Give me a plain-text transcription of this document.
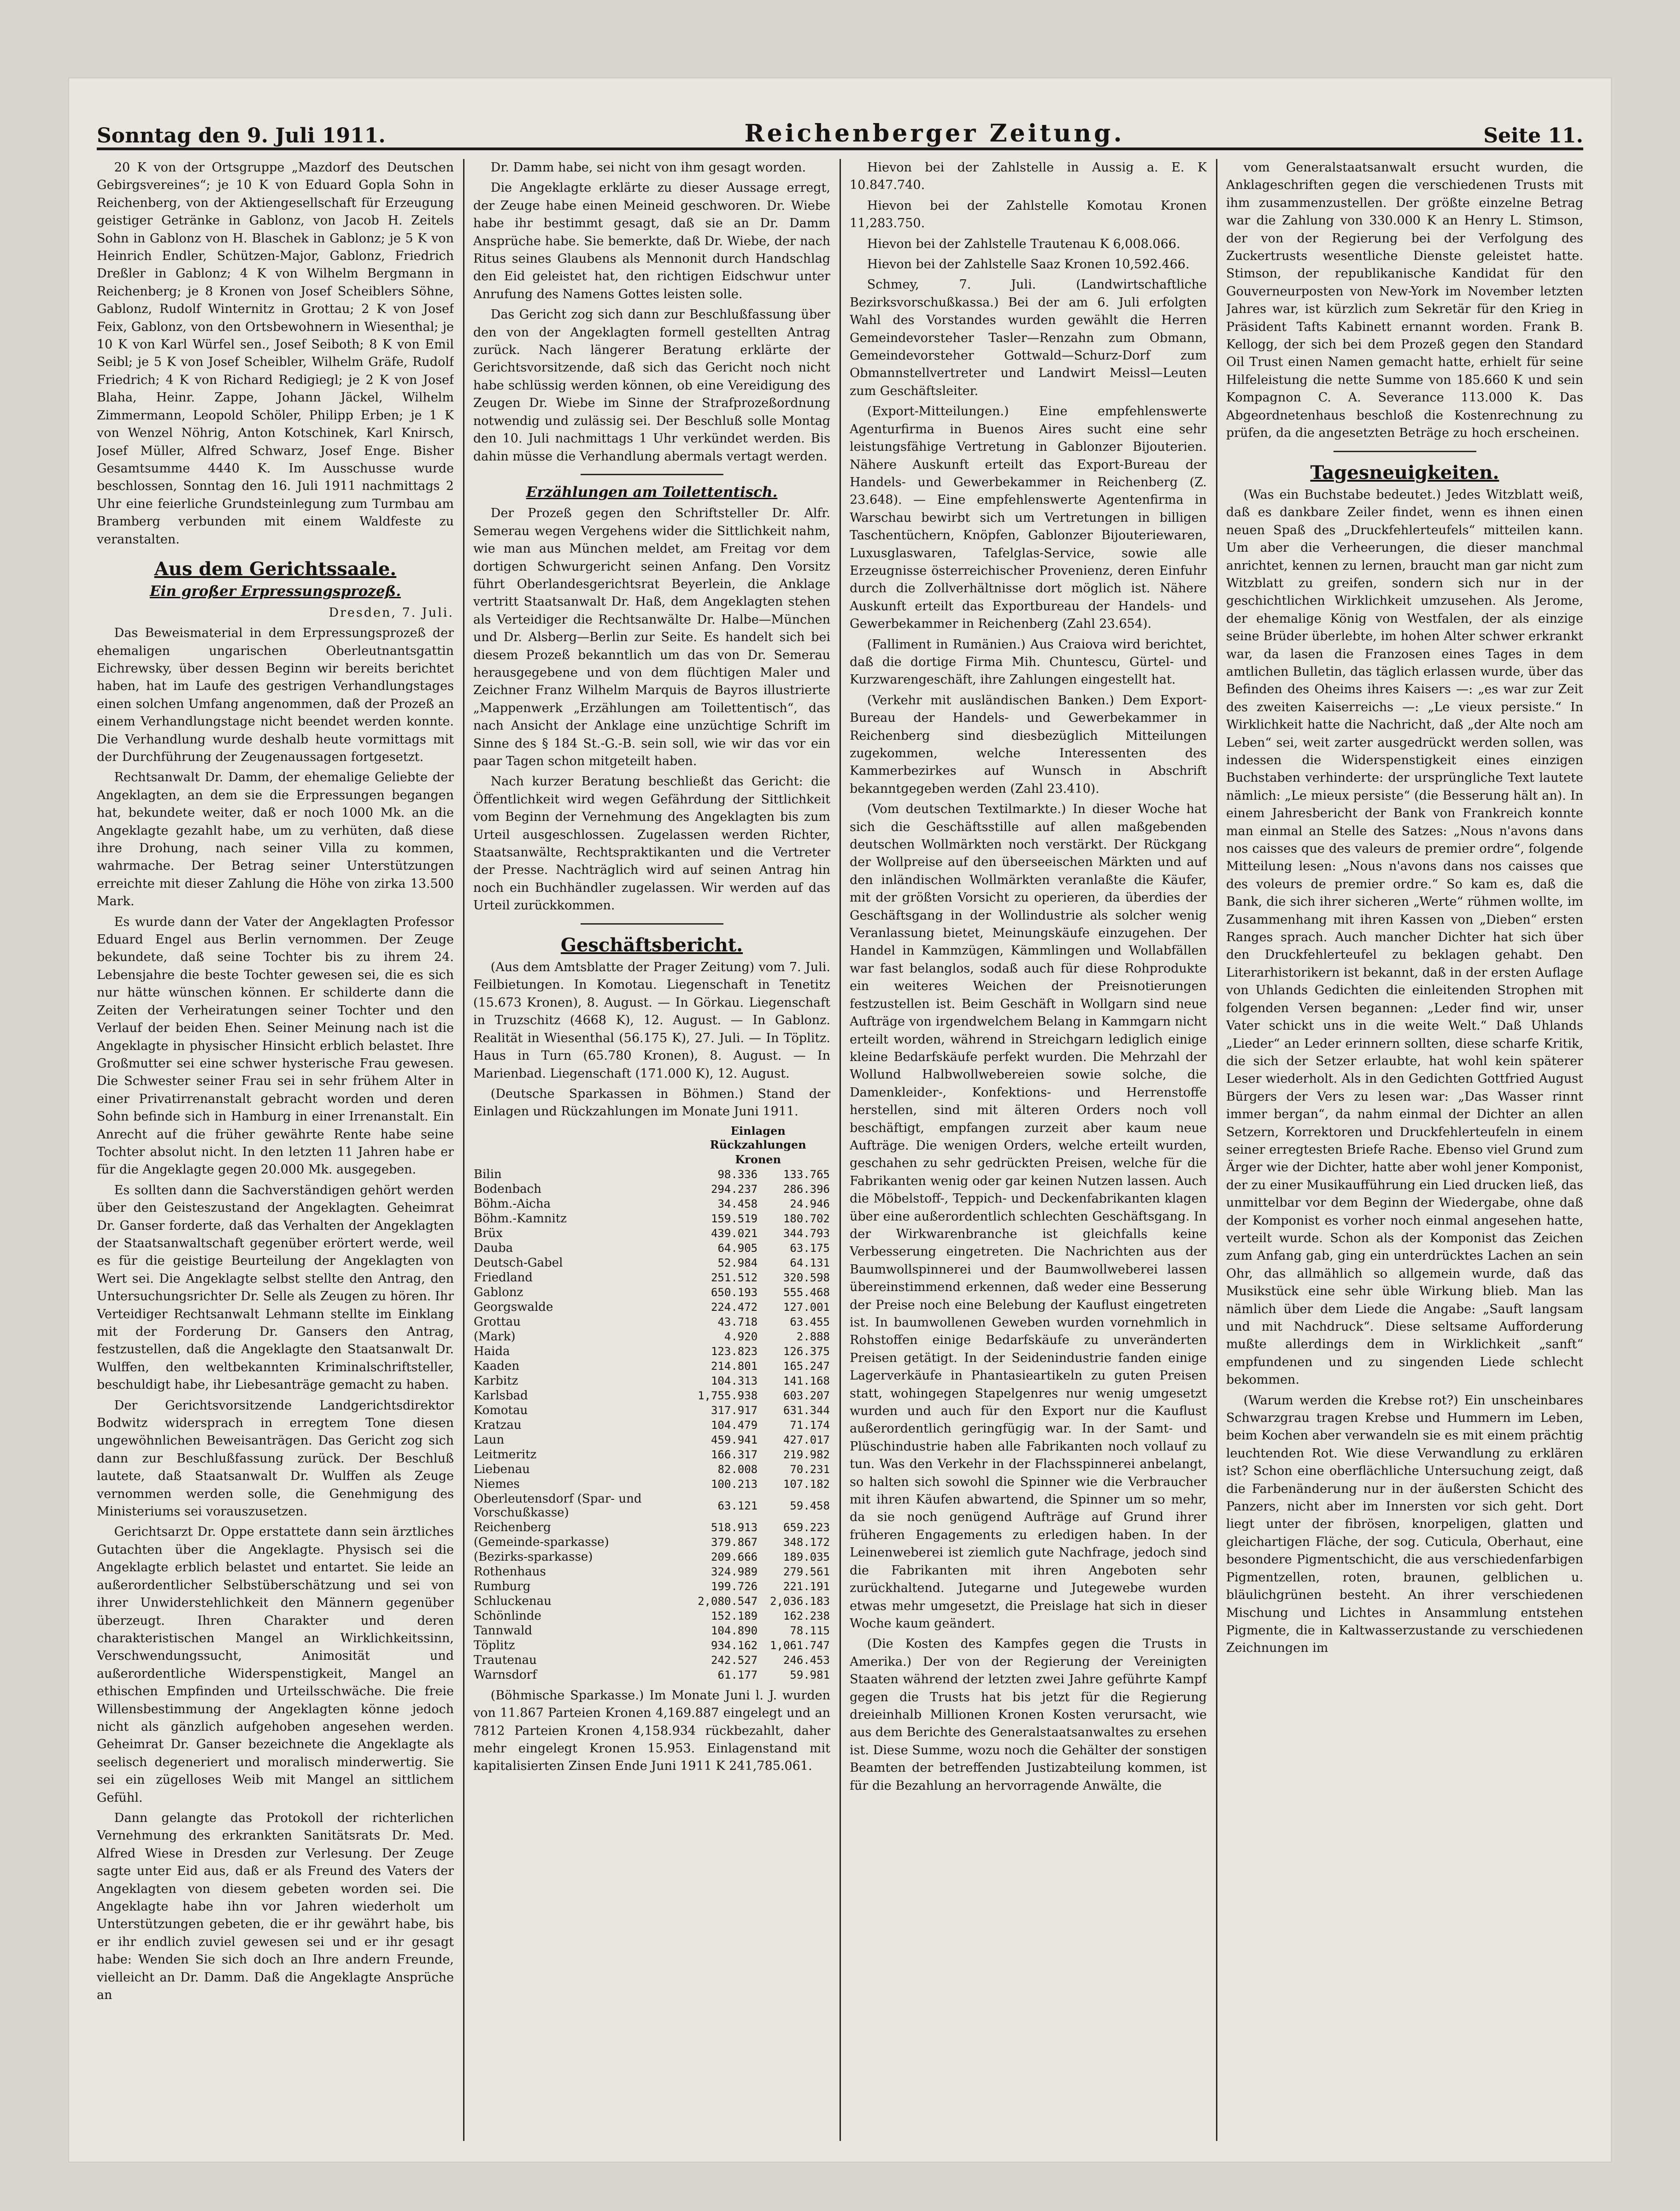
Sonntag den 9. Juli 1911.	Reichenberger Zeitung.	Seite 11.

20 K von der Ortsgruppe „Mazdorf des Deutschen Gebirgsvereines“; je 10 K von Eduard Gopla Sohn in Reichenberg, von der Aktiengesellschaft für Erzeugung geistiger Getränke in Gablonz, von Jacob H. Zeitels Sohn in Gablonz von H. Blaschek in Gablonz; je 5 K von Heinrich Endler, Schützen-Major, Gablonz, Friedrich Dreßler in Gablonz; 4 K von Wilhelm Bergmann in Reichenberg; je 8 Kronen von Josef Scheiblers Söhne, Gablonz, Rudolf Winternitz in Grottau; 2 K von Josef Feix, Gablonz, von den Ortsbewohnern in Wiesenthal; je 10 K von Karl Würfel sen., Josef Seiboth; 8 K von Emil Seibl; je 5 K von Josef Scheibler, Wilhelm Gräfe, Rudolf Friedrich; 4 K von Richard Redigiegl; je 2 K von Josef Blaha, Heinr. Zappe, Johann Jäckel, Wilhelm Zimmermann, Leopold Schöler, Philipp Erben; je 1 K von Wenzel Nöhrig, Anton Kotschinek, Karl Knirsch, Josef Müller, Alfred Schwarz, Josef Enge. Bisher Gesamtsumme 4440 K. Im Ausschusse wurde beschlossen, Sonntag den 16. Juli 1911 nachmittags 2 Uhr eine feierliche Grundsteinlegung zum Turmbau am Bramberg verbunden mit einem Waldfeste zu veranstalten.

Aus dem Gerichtssaale.
Ein großer Erpressungsprozeß.

Dresden, 7. Juli.

Das Beweismaterial in dem Erpressungsprozeß der ehemaligen ungarischen Oberleutnantsgattin Eichrewsky, über dessen Beginn wir bereits berichtet haben, hat im Laufe des gestrigen Verhandlungstages einen solchen Umfang angenommen, daß der Prozeß an einem Verhandlungstage nicht beendet werden konnte. Die Verhandlung wurde deshalb heute vormittags mit der Durchführung der Zeugenaussagen fortgesetzt.

Rechtsanwalt Dr. Damm, der ehemalige Geliebte der Angeklagten, an dem sie die Erpressungen begangen hat, bekundete weiter, daß er noch 1000 Mk. an die Angeklagte gezahlt habe, um zu verhüten, daß diese ihre Drohung, nach seiner Villa zu kommen, wahrmache. Der Betrag seiner Unterstützungen erreichte mit dieser Zahlung die Höhe von zirka 13.500 Mark.

Es wurde dann der Vater der Angeklagten Professor Eduard Engel aus Berlin vernommen. Der Zeuge bekundete, daß seine Tochter bis zu ihrem 24. Lebensjahre die beste Tochter gewesen sei, die es sich nur hätte wünschen können. Er schilderte dann die Zeiten der Verheiratungen seiner Tochter und den Verlauf der beiden Ehen. Seiner Meinung nach ist die Angeklagte in physischer Hinsicht erblich belastet. Ihre Großmutter sei eine schwer hysterische Frau gewesen. Die Schwester seiner Frau sei in sehr frühem Alter in einer Privatirrenanstalt gebracht worden und deren Sohn befinde sich in Hamburg in einer Irrenanstalt. Ein Anrecht auf die früher gewährte Rente habe seine Tochter absolut nicht. In den letzten 11 Jahren habe er für die Angeklagte gegen 20.000 Mk. ausgegeben.

Es sollten dann die Sachverständigen gehört werden über den Geisteszustand der Angeklagten. Geheimrat Dr. Ganser forderte, daß das Verhalten der Angeklagten der Staatsanwaltschaft gegenüber erörtert werde, weil es für die geistige Beurteilung der Angeklagten von Wert sei. Die Angeklagte selbst stellte den Antrag, den Untersuchungsrichter Dr. Selle als Zeugen zu hören. Ihr Verteidiger Rechtsanwalt Lehmann stellte im Einklang mit der Forderung Dr. Gansers den Antrag, festzustellen, daß die Angeklagte den Staatsanwalt Dr. Wulffen, den weltbekannten Kriminalschriftsteller, beschuldigt habe, ihr Liebesanträge gemacht zu haben.

Der Gerichtsvorsitzende Landgerichtsdirektor Bodwitz widersprach in erregtem Tone diesen ungewöhnlichen Beweisanträgen. Das Gericht zog sich dann zur Beschlußfassung zurück. Der Beschluß lautete, daß Staatsanwalt Dr. Wulffen als Zeuge vernommen werden solle, die Genehmigung des Ministeriums sei vorauszusetzen.

Gerichtsarzt Dr. Oppe erstattete dann sein ärztliches Gutachten über die Angeklagte. Physisch sei die Angeklagte erblich belastet und entartet. Sie leide an außerordentlicher Selbstüberschätzung und sei von ihrer Unwiderstehlichkeit den Männern gegenüber überzeugt. Ihren Charakter und deren charakteristischen Mangel an Wirklichkeitssinn, Verschwendungssucht, Animosität und außerordentliche Widerspenstigkeit, Mangel an ethischen Empfinden und Urteilsschwäche. Die freie Willensbestimmung der Angeklagten könne jedoch nicht als gänzlich aufgehoben angesehen werden. Geheimrat Dr. Ganser bezeichnete die Angeklagte als seelisch degeneriert und moralisch minderwertig. Sie sei ein zügelloses Weib mit Mangel an sittlichem Gefühl.

Dann gelangte das Protokoll der richterlichen Vernehmung des erkrankten Sanitätsrats Dr. Med. Alfred Wiese in Dresden zur Verlesung. Der Zeuge sagte unter Eid aus, daß er als Freund des Vaters der Angeklagten von diesem gebeten worden sei. Die Angeklagte habe ihn vor Jahren wiederholt um Unterstützungen gebeten, die er ihr gewährt habe, bis er ihr endlich zuviel gewesen sei und er ihr gesagt habe: Wenden Sie sich doch an Ihre andern Freunde, vielleicht an Dr. Damm. Daß die Angeklagte Ansprüche an

Dr. Damm habe, sei nicht von ihm gesagt worden.

Die Angeklagte erklärte zu dieser Aussage erregt, der Zeuge habe einen Meineid geschworen. Dr. Wiebe habe ihr bestimmt gesagt, daß sie an Dr. Damm Ansprüche habe. Sie bemerkte, daß Dr. Wiebe, der nach Ritus seines Glaubens als Mennonit durch Handschlag den Eid geleistet hat, den richtigen Eidschwur unter Anrufung des Namens Gottes leisten solle.

Das Gericht zog sich dann zur Beschlußfassung über den von der Angeklagten formell gestellten Antrag zurück. Nach längerer Beratung erklärte der Gerichtsvorsitzende, daß sich das Gericht noch nicht habe schlüssig werden können, ob eine Vereidigung des Zeugen Dr. Wiebe im Sinne der Strafprozeßordnung notwendig und zulässig sei. Der Beschluß solle Montag den 10. Juli nachmittags 1 Uhr verkündet werden. Bis dahin müsse die Verhandlung abermals vertagt werden.

Erzählungen am Toilettentisch.

Der Prozeß gegen den Schriftsteller Dr. Alfr. Semerau wegen Vergehens wider die Sittlichkeit nahm, wie man aus München meldet, am Freitag vor dem dortigen Schwurgericht seinen Anfang. Den Vorsitz führt Oberlandesgerichtsrat Beyerlein, die Anklage vertritt Staatsanwalt Dr. Haß, dem Angeklagten stehen als Verteidiger die Rechtsanwälte Dr. Halbe—München und Dr. Alsberg—Berlin zur Seite. Es handelt sich bei diesem Prozeß bekanntlich um das von Dr. Semerau herausgegebene und von dem flüchtigen Maler und Zeichner Franz Wilhelm Marquis de Bayros illustrierte „Mappenwerk „Erzählungen am Toilettentisch“, das nach Ansicht der Anklage eine unzüchtige Schrift im Sinne des § 184 St.-G.-B. sein soll, wie wir das vor ein paar Tagen schon mitgeteilt haben.

Nach kurzer Beratung beschließt das Gericht: die Öffentlichkeit wird wegen Gefährdung der Sittlichkeit vom Beginn der Vernehmung des Angeklagten bis zum Urteil ausgeschlossen. Zugelassen werden Richter, Staatsanwälte, Rechtspraktikanten und die Vertreter der Presse. Nachträglich wird auf seinen Antrag hin noch ein Buchhändler zugelassen. Wir werden auf das Urteil zurückkommen.

Geschäftsbericht.

(Aus dem Amtsblatte der Prager Zeitung) vom 7. Juli. Feilbietungen. In Komotau. Liegenschaft in Tenetitz (15.673 Kronen), 8. August. — In Görkau. Liegenschaft in Truzschitz (4668 K), 12. August. — In Gablonz. Realität in Wiesenthal (56.175 K), 27. Juli. — In Töplitz. Haus in Turn (65.780 Kronen), 8. August. — In Marienbad. Liegenschaft (171.000 K), 12. August.

(Deutsche Sparkassen in Böhmen.) Stand der Einlagen und Rückzahlungen im Monate Juni 1911.

	Einlagen Rückzahlungen	
	Kronen	
Bilin	98.336	133.765
Bodenbach	294.237	286.396
Böhm.-Aicha	34.458	24.946
Böhm.-Kamnitz	159.519	180.702
Brüx	439.021	344.793
Dauba	64.905	63.175
Deutsch-Gabel	52.984	64.131
Friedland	251.512	320.598
Gablonz	650.193	555.468
Georgswalde	224.472	127.001
Grottau	43.718	63.455
(Mark)	4.920	2.888
Haida	123.823	126.375
Kaaden	214.801	165.247
Karbitz	104.313	141.168
Karlsbad	1,755.938	603.207
Komotau	317.917	631.344
Kratzau	104.479	71.174
Laun	459.941	427.017
Leitmeritz	166.317	219.982
Liebenau	82.008	70.231
Niemes	100.213	107.182
Oberleutensdorf (Spar- und Vorschußkasse)	63.121	59.458
Reichenberg	518.913	659.223
(Gemeinde-sparkasse)	379.867	348.172
(Bezirks-sparkasse)	209.666	189.035
Rothenhaus	324.989	279.561
Rumburg	199.726	221.191
Schluckenau	2,080.547	2,036.183
Schönlinde	152.189	162.238
Tannwald	104.890	78.115
Töplitz	934.162	1,061.747
Trautenau	242.527	246.453
Warnsdorf	61.177	59.981

(Böhmische Sparkasse.) Im Monate Juni l. J. wurden von 11.867 Parteien Kronen 4,169.887 eingelegt und an 7812 Parteien Kronen 4,158.934 rückbezahlt, daher mehr eingelegt Kronen 15.953. Einlagenstand mit kapitalisierten Zinsen Ende Juni 1911 K 241,785.061.

Hievon bei der Zahlstelle in Aussig a. E. K 10.847.740.

Hievon bei der Zahlstelle Komotau Kronen 11,283.750.

Hievon bei der Zahlstelle Trautenau K 6,008.066.

Hievon bei der Zahlstelle Saaz Kronen 10,592.466.

Schmey, 7. Juli. (Landwirtschaftliche Bezirksvorschußkassa.) Bei der am 6. Juli erfolgten Wahl des Vorstandes wurden gewählt die Herren Gemeindevorsteher Tasler—Renzahn zum Obmann, Gemeindevorsteher Gottwald—Schurz-Dorf zum Obmannstellvertreter und Landwirt Meissl—Leuten zum Geschäftsleiter.

(Export-Mitteilungen.) Eine empfehlenswerte Agenturfirma in Buenos Aires sucht eine sehr leistungsfähige Vertretung in Gablonzer Bijouterien. Nähere Auskunft erteilt das Export-Bureau der Handels- und Gewerbekammer in Reichenberg (Z. 23.648). — Eine empfehlenswerte Agentenfirma in Warschau bewirbt sich um Vertretungen in billigen Taschentüchern, Knöpfen, Gablonzer Bijouteriewaren, Luxusglaswaren, Tafelglas-Service, sowie alle Erzeugnisse österreichischer Provenienz, deren Einfuhr durch die Zollverhältnisse dort möglich ist. Nähere Auskunft erteilt das Exportbureau der Handels- und Gewerbekammer in Reichenberg (Zahl 23.654).

(Falliment in Rumänien.) Aus Craiova wird berichtet, daß die dortige Firma Mih. Chuntescu, Gürtel- und Kurzwarengeschäft, ihre Zahlungen eingestellt hat.

(Verkehr mit ausländischen Banken.) Dem Export-Bureau der Handels- und Gewerbekammer in Reichenberg sind diesbezüglich Mitteilungen zugekommen, welche Interessenten des Kammerbezirkes auf Wunsch in Abschrift bekanntgegeben werden (Zahl 23.410).

(Vom deutschen Textilmarkte.) In dieser Woche hat sich die Geschäftsstille auf allen maßgebenden deutschen Wollmärkten noch verstärkt. Der Rückgang der Wollpreise auf den überseeischen Märkten und auf den inländischen Wollmärkten veranlaßte die Käufer, mit der größten Vorsicht zu operieren, da überdies der Geschäftsgang in der Wollindustrie als solcher wenig Veranlassung bietet, Meinungskäufe einzugehen. Der Handel in Kammzügen, Kämmlingen und Wollabfällen war fast belanglos, sodaß auch für diese Rohprodukte ein weiteres Weichen der Preisnotierungen festzustellen ist. Beim Geschäft in Wollgarn sind neue Aufträge von irgendwelchem Belang in Kammgarn nicht erteilt worden, während in Streichgarn lediglich einige kleine Bedarfskäufe perfekt wurden. Die Mehrzahl der Wollund Halbwollwebereien sowie solche, die Damenkleider-, Konfektions- und Herrenstoffe herstellen, sind mit älteren Orders noch voll beschäftigt, empfangen zurzeit aber kaum neue Aufträge. Die wenigen Orders, welche erteilt wurden, geschahen zu sehr gedrückten Preisen, welche für die Fabrikanten wenig oder gar keinen Nutzen lassen. Auch die Möbelstoff-, Teppich- und Deckenfabrikanten klagen über eine außerordentlich schlechten Geschäftsgang. In der Wirkwarenbranche ist gleichfalls keine Verbesserung eingetreten. Die Nachrichten aus der Baumwollspinnerei und der Baumwollweberei lassen übereinstimmend erkennen, daß weder eine Besserung der Preise noch eine Belebung der Kauflust eingetreten ist. In baumwollenen Geweben wurden vornehmlich in Rohstoffen einige Bedarfskäufe zu unveränderten Preisen getätigt. In der Seidenindustrie fanden einige Lagerverkäufe in Phantasieartikeln zu guten Preisen statt, wohingegen Stapelgenres nur wenig umgesetzt wurden und auch für den Export nur die Kauflust außerordentlich geringfügig war. In der Samt- und Plüschindustrie haben alle Fabrikanten noch vollauf zu tun. Was den Verkehr in der Flachsspinnerei anbelangt, so halten sich sowohl die Spinner wie die Verbraucher mit ihren Käufen abwartend, die Spinner um so mehr, da sie noch genügend Aufträge auf Grund ihrer früheren Engagements zu erledigen haben. In der Leinenweberei ist ziemlich gute Nachfrage, jedoch sind die Fabrikanten mit ihren Angeboten sehr zurückhaltend. Jutegarne und Jutegewebe wurden etwas mehr umgesetzt, die Preislage hat sich in dieser Woche kaum geändert.

(Die Kosten des Kampfes gegen die Trusts in Amerika.) Der von der Regierung der Vereinigten Staaten während der letzten zwei Jahre geführte Kampf gegen die Trusts hat bis jetzt für die Regierung dreieinhalb Millionen Kronen Kosten verursacht, wie aus dem Berichte des Generalstaatsanwaltes zu ersehen ist. Diese Summe, wozu noch die Gehälter der sonstigen Beamten der betreffenden Justizabteilung kommen, ist für die Bezahlung an hervorragende Anwälte, die

vom Generalstaatsanwalt ersucht wurden, die Anklageschriften gegen die verschiedenen Trusts mit ihm zusammenzustellen. Der größte einzelne Betrag war die Zahlung von 330.000 K an Henry L. Stimson, der von der Regierung bei der Verfolgung des Zuckertrusts wesentliche Dienste geleistet hatte. Stimson, der republikanische Kandidat für den Gouverneurposten von New-York im November letzten Jahres war, ist kürzlich zum Sekretär für den Krieg in Präsident Tafts Kabinett ernannt worden. Frank B. Kellogg, der sich bei dem Prozeß gegen den Standard Oil Trust einen Namen gemacht hatte, erhielt für seine Hilfeleistung die nette Summe von 185.660 K und sein Kompagnon C. A. Severance 113.000 K. Das Abgeordnetenhaus beschloß die Kostenrechnung zu prüfen, da die angesetzten Beträge zu hoch erscheinen.

Tagesneuigkeiten.

(Was ein Buchstabe bedeutet.) Jedes Witzblatt weiß, daß es dankbare Zeiler findet, wenn es ihnen einen neuen Spaß des „Druckfehlerteufels“ mitteilen kann. Um aber die Verheerungen, die dieser manchmal anrichtet, kennen zu lernen, braucht man gar nicht zum Witzblatt zu greifen, sondern sich nur in der geschichtlichen Wirklichkeit umzusehen. Als Jerome, der ehemalige König von Westfalen, der als einzige seine Brüder überlebte, im hohen Alter schwer erkrankt war, da lasen die Franzosen eines Tages in dem amtlichen Bulletin, das täglich erlassen wurde, über das Befinden des Oheims ihres Kaisers —: „es war zur Zeit des zweiten Kaiserreichs —: „Le vieux persiste.“ In Wirklichkeit hatte die Nachricht, daß „der Alte noch am Leben“ sei, weit zarter ausgedrückt werden sollen, was indessen die Widerspenstigkeit eines einzigen Buchstaben verhinderte: der ursprüngliche Text lautete nämlich: „Le mieux persiste“ (die Besserung hält an). In einem Jahresbericht der Bank von Frankreich konnte man einmal an Stelle des Satzes: „Nous n'avons dans nos caisses que des valeurs de premier ordre“, folgende Mitteilung lesen: „Nous n'avons dans nos caisses que des voleurs de premier ordre.“ So kam es, daß die Bank, die sich ihrer sicheren „Werte“ rühmen wollte, im Zusammenhang mit ihren Kassen von „Dieben“ ersten Ranges sprach. Auch mancher Dichter hat sich über den Druckfehlerteufel zu beklagen gehabt. Den Literarhistorikern ist bekannt, daß in der ersten Auflage von Uhlands Gedichten die einleitenden Strophen mit folgenden Versen begannen: „Leder find wir, unser Vater schickt uns in die weite Welt.“ Daß Uhlands „Lieder“ an Leder erinnern sollten, diese scharfe Kritik, die sich der Setzer erlaubte, hat wohl kein späterer Leser wiederholt. Als in den Gedichten Gottfried August Bürgers der Vers zu lesen war: „Das Wasser rinnt immer bergan“, da nahm einmal der Dichter an allen Setzern, Korrektoren und Druckfehlerteufeln in einem seiner erregtesten Briefe Rache. Ebenso viel Grund zum Ärger wie der Dichter, hatte aber wohl jener Komponist, der zu einer Musikaufführung ein Lied drucken ließ, das unmittelbar vor dem Beginn der Wiedergabe, ohne daß der Komponist es vorher noch einmal angesehen hatte, verteilt wurde. Schon als der Komponist das Zeichen zum Anfang gab, ging ein unterdrücktes Lachen an sein Ohr, das allmählich so allgemein wurde, daß das Musikstück eine sehr üble Wirkung blieb. Man las nämlich über dem Liede die Angabe: „Sauft langsam und mit Nachdruck“. Diese seltsame Aufforderung mußte allerdings dem in Wirklichkeit „sanft“ empfundenen und zu singenden Liede schlecht bekommen.

(Warum werden die Krebse rot?) Ein unscheinbares Schwarzgrau tragen Krebse und Hummern im Leben, beim Kochen aber verwandeln sie es mit einem prächtig leuchtenden Rot. Wie diese Verwandlung zu erklären ist? Schon eine oberflächliche Untersuchung zeigt, daß die Farbenänderung nur in der äußersten Schicht des Panzers, nicht aber im Innersten vor sich geht. Dort liegt unter der fibrösen, knorpeligen, glatten und gleichartigen Fläche, der sog. Cuticula, Oberhaut, eine besondere Pigmentschicht, die aus verschiedenfarbigen Pigmentzellen, roten, braunen, gelblichen u. bläulichgrünen besteht. An ihrer verschiedenen Mischung und Lichtes in Ansammlung entstehen Pigmente, die in Kaltwasserzustande zu verschiedenen Zeichnungen im
